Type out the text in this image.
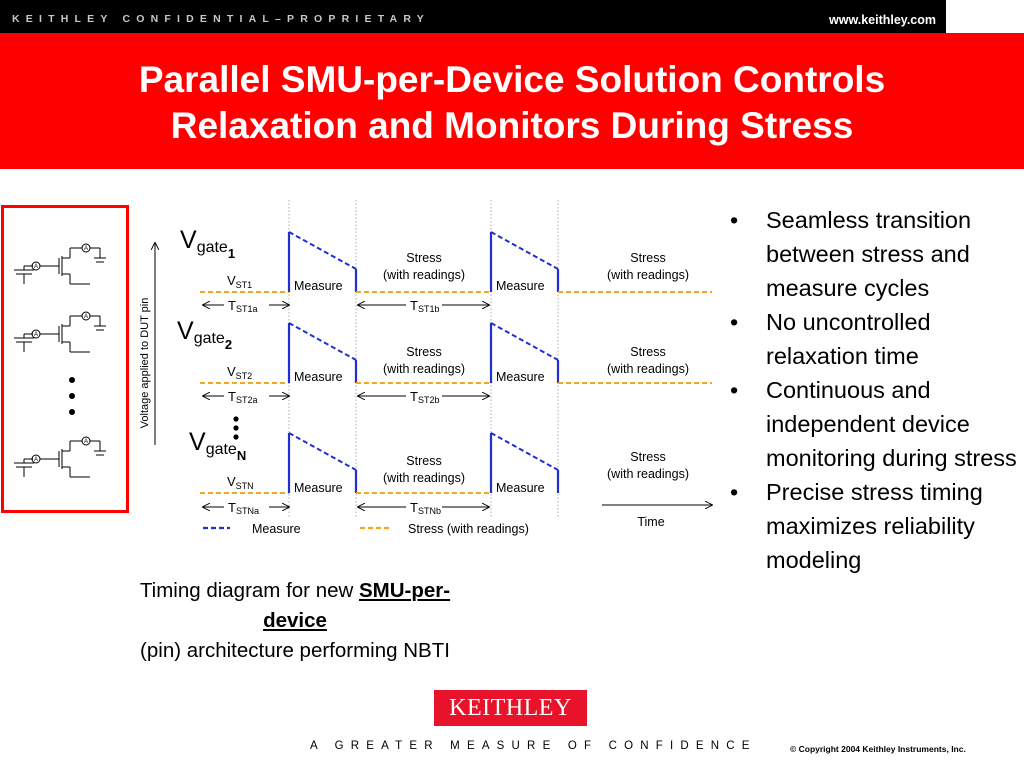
KEITHLEY CONFIDENTIAL–PROPRIETARY	www.keithley.com
Parallel SMU-per-Device Solution Controls
Relaxation and Monitors During Stress
A
A
A
A
A
A
Voltage applied to DUT pin
Vgate$_1$
VST1
TST1a	TST1b
Measure	Measure
Stress
(with readings)
Stress
(with readings)
Vgate$_2$
VST2
TST2a	TST2b
Measure	Measure
Stress
(with readings)
Stress
(with readings)
Vgate$_N$
VSTN
TSTNa	TSTNb
Measure	Measure
Stress
(with readings)
Stress
(with readings)
Time
Measure	Stress (with readings)
Timing diagram for new SMU-per-device
(pin) architecture performing NBTI
• Seamless transition between stress and measure cycles
• No uncontrolled relaxation time
• Continuous and independent device monitoring during stress
• Precise stress timing maximizes reliability modeling
KEITHLEY
A GREATER MEASURE OF CONFIDENCE	© Copyright 2004 Keithley Instruments, Inc.
